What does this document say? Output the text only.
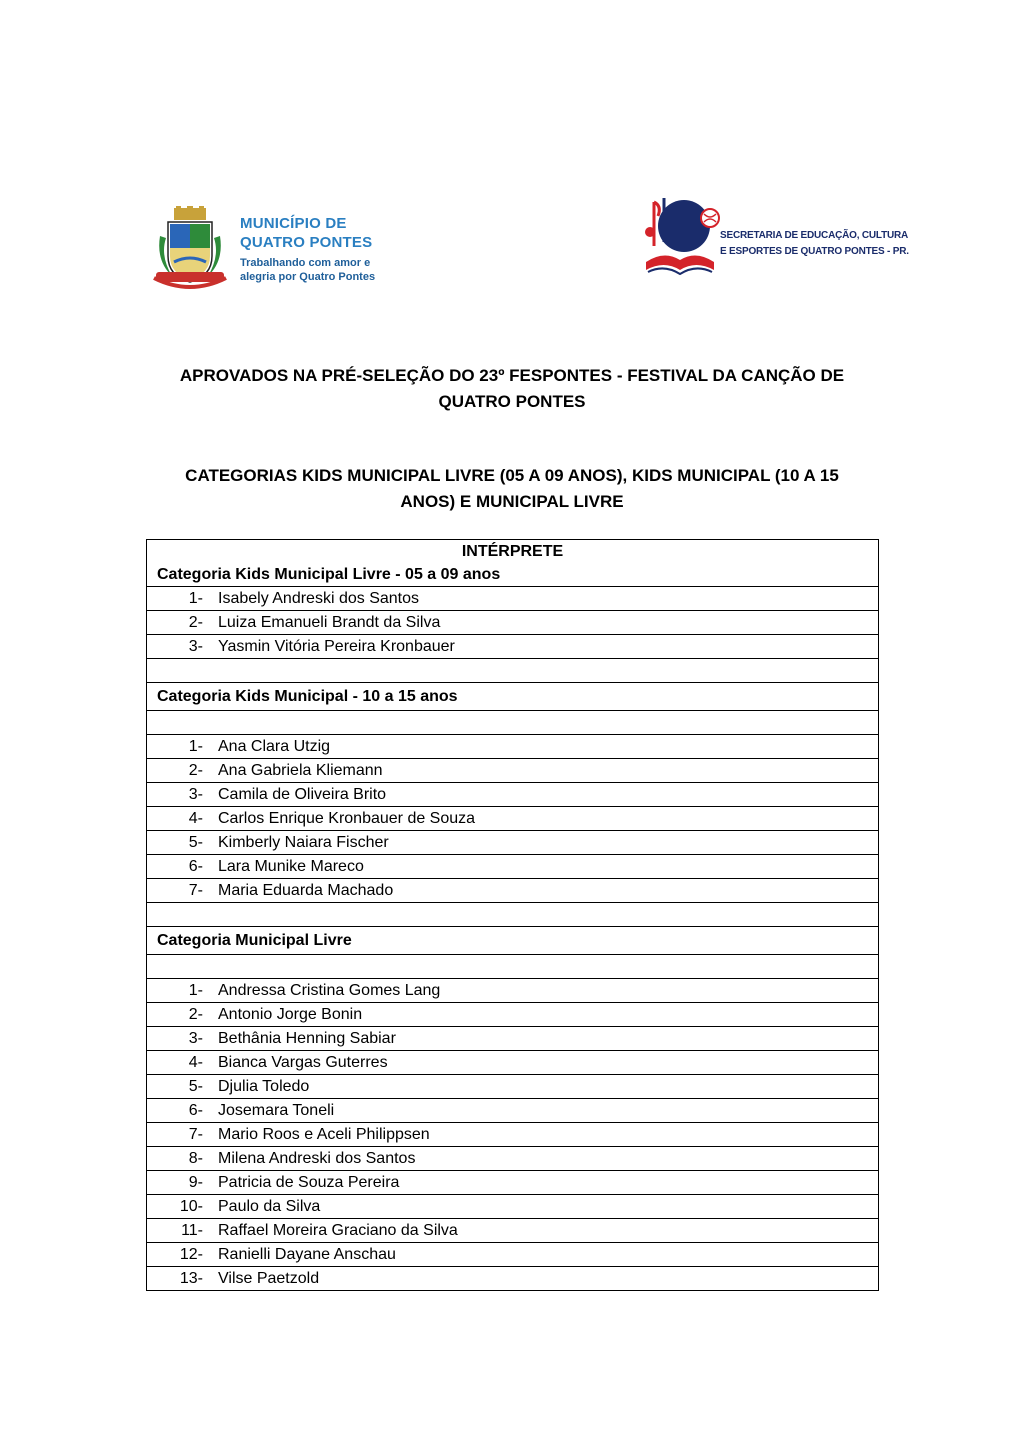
MUNICÍPIO DE
QUATRO PONTES
Trabalhando com amor e
alegria por Quatro Pontes
SECRETARIA DE EDUCAÇÃO, CULTURA
E ESPORTES DE QUATRO PONTES - PR.
APROVADOS NA PRÉ-SELEÇÃO DO 23º FESPONTES - FESTIVAL DA CANÇÃO DE
QUATRO PONTES
CATEGORIAS KIDS MUNICIPAL LIVRE (05 A 09 ANOS), KIDS MUNICIPAL (10 A 15
ANOS) E MUNICIPAL LIVRE
INTÉRPRETE
Categoria Kids Municipal Livre - 05 a 09 anos
1- Isabely Andreski dos Santos
2- Luiza Emanueli Brandt da Silva
3- Yasmin Vitória Pereira Kronbauer

Categoria Kids Municipal - 10 a 15 anos

1- Ana Clara Utzig
2- Ana Gabriela Kliemann
3- Camila de Oliveira Brito
4- Carlos Enrique Kronbauer de Souza
5- Kimberly Naiara Fischer
6- Lara Munike Mareco
7- Maria Eduarda Machado

Categoria Municipal Livre

1- Andressa Cristina Gomes Lang
2- Antonio Jorge Bonin
3- Bethânia Henning Sabiar
4- Bianca Vargas Guterres
5- Djulia Toledo
6- Josemara Toneli
7- Mario Roos e Aceli Philippsen
8- Milena Andreski dos Santos
9- Patricia de Souza Pereira
10- Paulo da Silva
11- Raffael Moreira Graciano da Silva
12- Ranielli Dayane Anschau
13- Vilse Paetzold
